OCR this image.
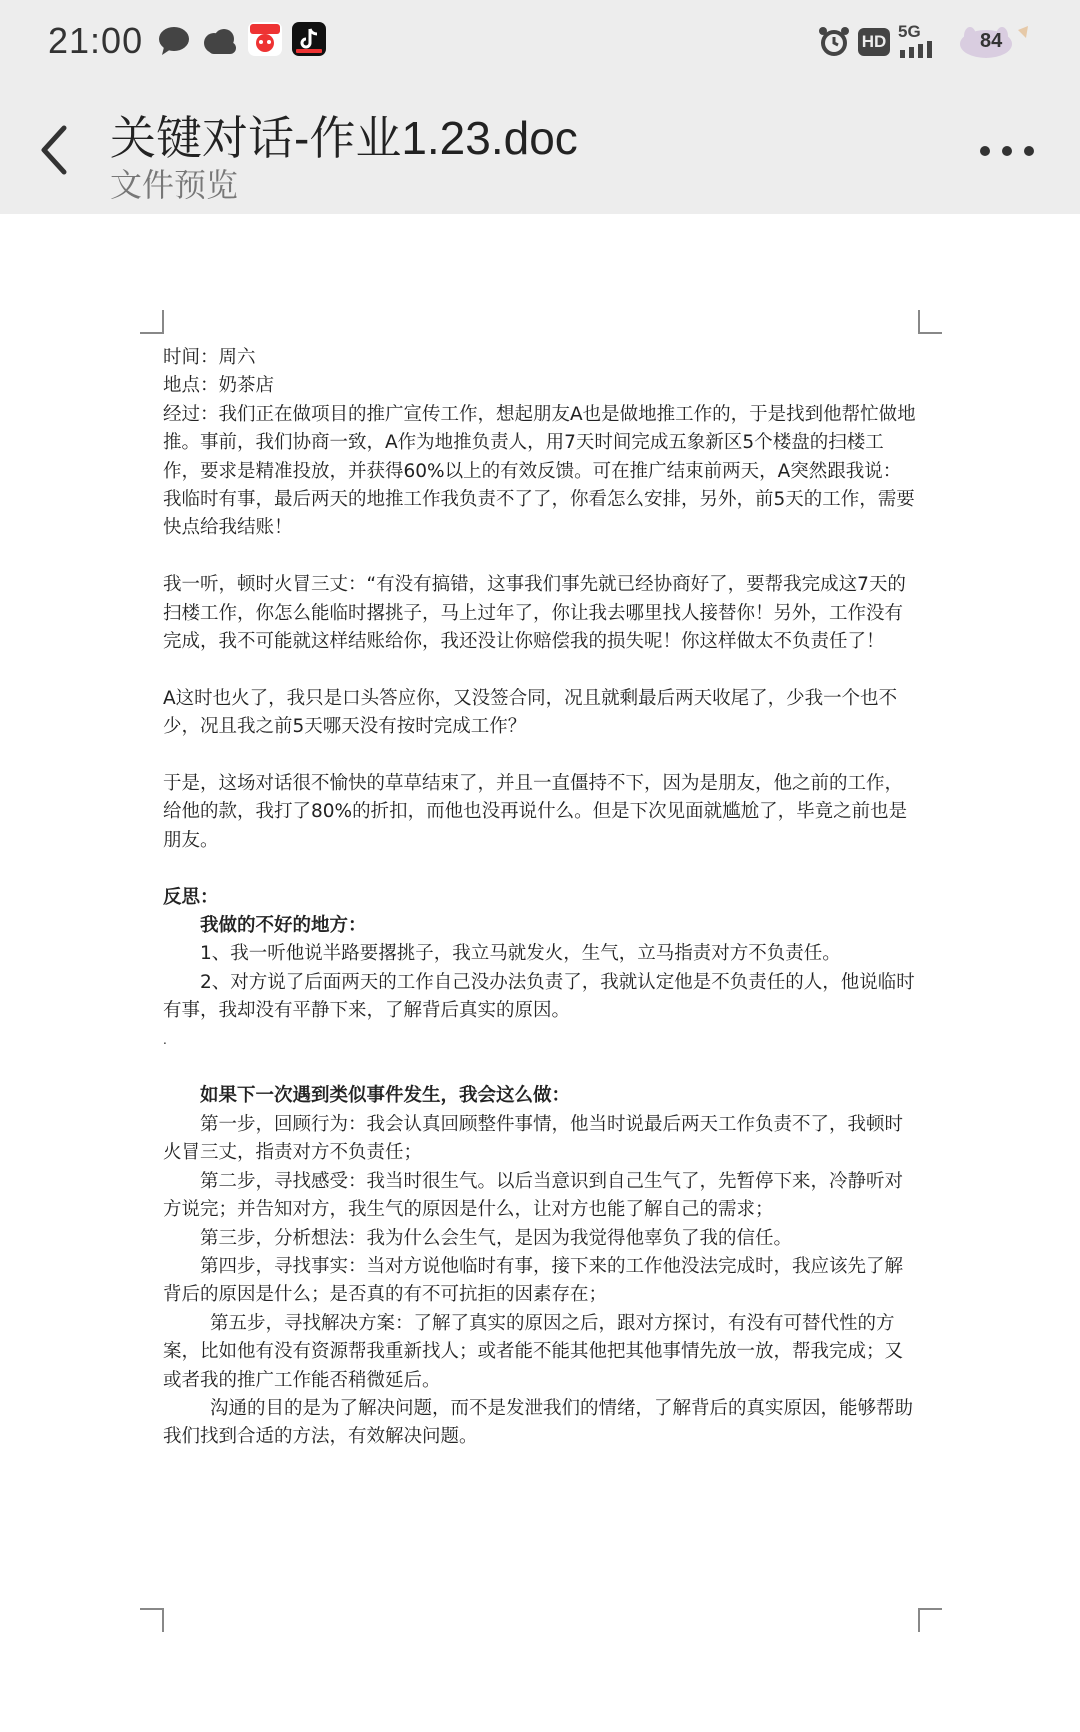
21:00	HD
5G	84
关键对话-作业1.23.doc
文件预览

时间：周六

地点：奶茶店

经过：我们正在做项目的推广宣传工作，想起朋友A也是做地推工作的，于是找到他帮忙做地推。事前，我们协商一致，A作为地推负责人，用7天时间完成五象新区5个楼盘的扫楼工作，要求是精准投放，并获得60%以上的有效反馈。可在推广结束前两天，A突然跟我说：我临时有事，最后两天的地推工作我负责不了了，你看怎么安排，另外，前5天的工作，需要快点给我结账！

我一听，顿时火冒三丈：“有没有搞错，这事我们事先就已经协商好了，要帮我完成这7天的扫楼工作，你怎么能临时撂挑子，马上过年了，你让我去哪里找人接替你！另外，工作没有完成，我不可能就这样结账给你，我还没让你赔偿我的损失呢！你这样做太不负责任了！

A这时也火了，我只是口头答应你，又没签合同，况且就剩最后两天收尾了，少我一个也不少，况且我之前5天哪天没有按时完成工作？

于是，这场对话很不愉快的草草结束了，并且一直僵持不下，因为是朋友，他之前的工作，给他的款，我打了80%的折扣，而他也没再说什么。但是下次见面就尴尬了，毕竟之前也是朋友。

反思：

我做的不好的地方：

1、我一听他说半路要撂挑子，我立马就发火，生气，立马指责对方不负责任。

2、对方说了后面两天的工作自己没办法负责了，我就认定他是不负责任的人，他说临时有事，我却没有平静下来，了解背后真实的原因。

.

如果下一次遇到类似事件发生，我会这么做：

第一步，回顾行为：我会认真回顾整件事情，他当时说最后两天工作负责不了，我顿时火冒三丈，指责对方不负责任；

第二步，寻找感受：我当时很生气。以后当意识到自己生气了，先暂停下来，冷静听对方说完；并告知对方，我生气的原因是什么，让对方也能了解自己的需求；

第三步，分析想法：我为什么会生气，是因为我觉得他辜负了我的信任。

第四步，寻找事实：当对方说他临时有事，接下来的工作他没法完成时，我应该先了解背后的原因是什么；是否真的有不可抗拒的因素存在；

第五步，寻找解决方案：了解了真实的原因之后，跟对方探讨，有没有可替代性的方案，比如他有没有资源帮我重新找人；或者能不能其他把其他事情先放一放，帮我完成；又或者我的推广工作能否稍微延后。

沟通的目的是为了解决问题，而不是发泄我们的情绪，了解背后的真实原因，能够帮助我们找到合适的方法，有效解决问题。
